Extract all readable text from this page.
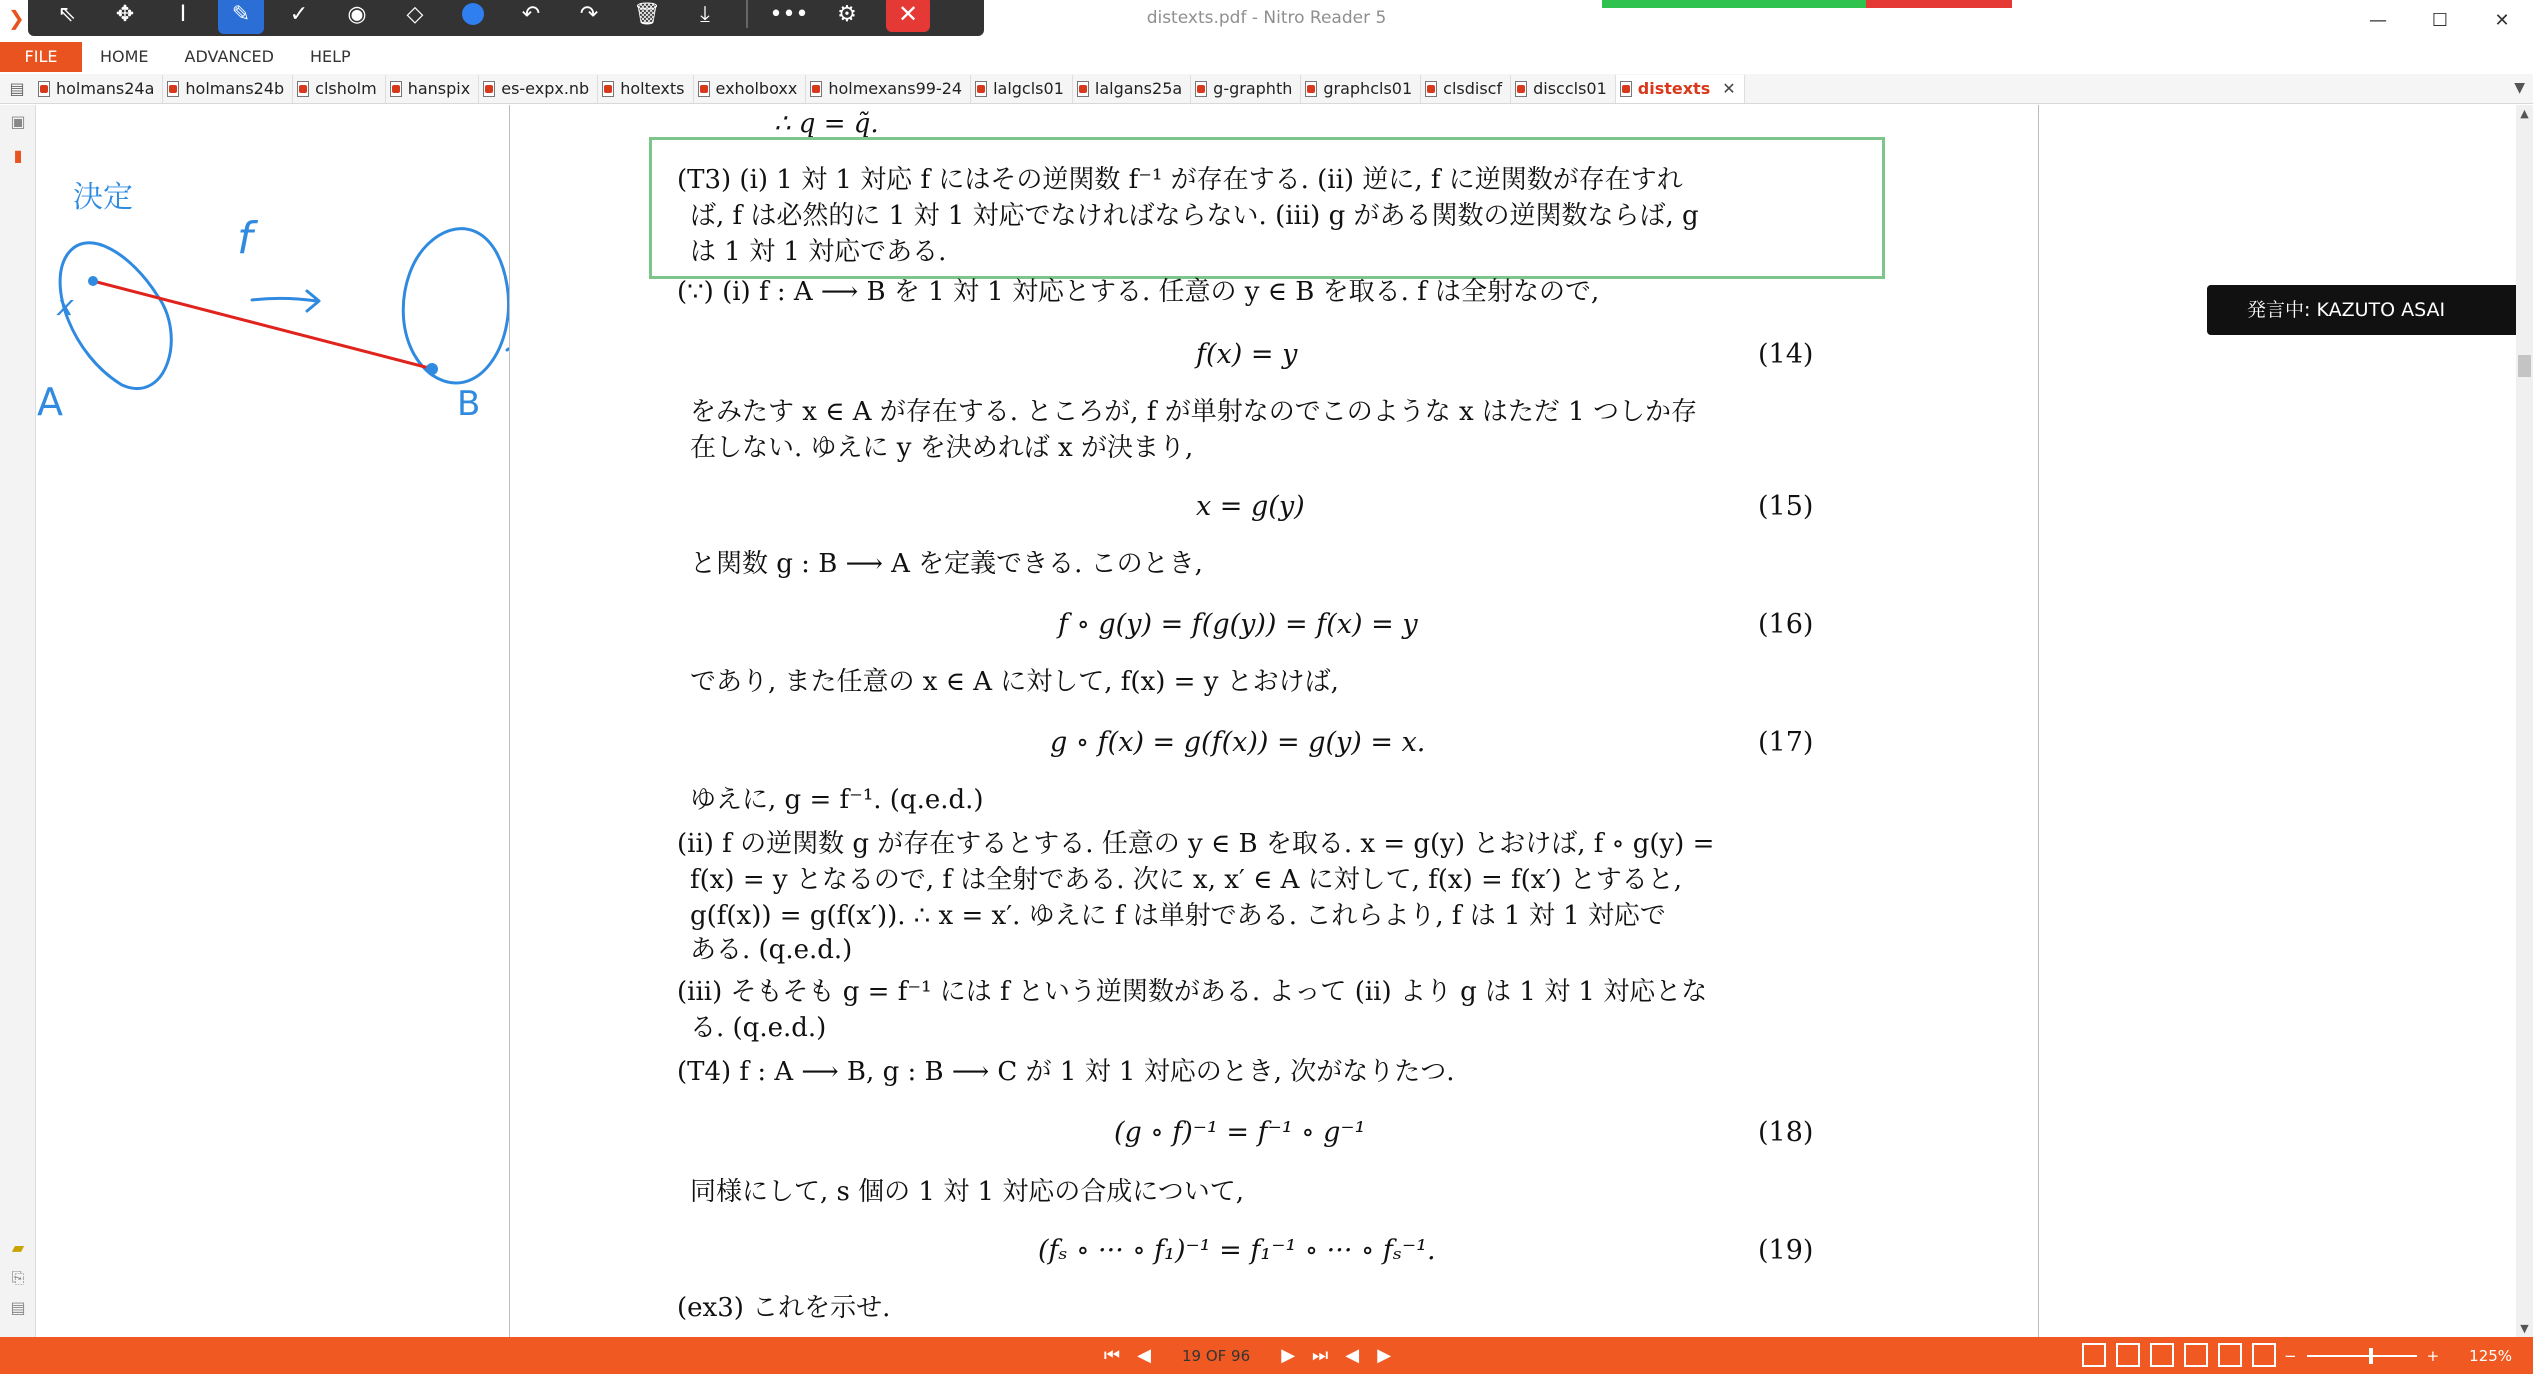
❯	distexts.pdf - Nitro Reader 5	—	☐	✕
⇖	✥	I	✎	✓	◉	◇	↶	↷	🗑	⤓	•••	⚙	✕
FILE	HOME	ADVANCED	HELP
▤	holmans24a holmans24b clsholm hanspix es-expx.nb holtexts exholboxx holmexans99-24 lalgcls01 lalgans25a g-graphth graphcls01 clsdiscf disccls01 distexts ✕	▼
▣
▮
▰
⎘
▤
決定
f
x
A	B
∴ q = q̃.
(T3) (i) 1 対 1 対応 f にはその逆関数 f⁻¹ が存在する. (ii) 逆に, f に逆関数が存在すれ
ば, f は必然的に 1 対 1 対応でなければならない. (iii) g がある関数の逆関数ならば, g
は 1 対 1 対応である.
(∵) (i) f : A ⟶ B を 1 対 1 対応とする. 任意の y ∈ B を取る. f は全射なので,
f(x) = y	(14)
をみたす x ∈ A が存在する. ところが, f が単射なのでこのような x はただ 1 つしか存
在しない. ゆえに y を決めれば x が決まり,
x = g(y)	(15)
と関数 g : B ⟶ A を定義できる. このとき,
f ∘ g(y) = f(g(y)) = f(x) = y	(16)
であり, また任意の x ∈ A に対して, f(x) = y とおけば,
g ∘ f(x) = g(f(x)) = g(y) = x.	(17)
ゆえに, g = f⁻¹. (q.e.d.)
(ii) f の逆関数 g が存在するとする. 任意の y ∈ B を取る. x = g(y) とおけば, f ∘ g(y) =
f(x) = y となるので, f は全射である. 次に x, x′ ∈ A に対して, f(x) = f(x′) とすると,
g(f(x)) = g(f(x′)). ∴ x = x′. ゆえに f は単射である. これらより, f は 1 対 1 対応で
ある. (q.e.d.)
(iii) そもそも g = f⁻¹ には f という逆関数がある. よって (ii) より g は 1 対 1 対応とな
る. (q.e.d.)
(T4) f : A ⟶ B, g : B ⟶ C が 1 対 1 対応のとき, 次がなりたつ.
(g ∘ f)⁻¹ = f⁻¹ ∘ g⁻¹	(18)
同様にして, s 個の 1 対 1 対応の合成について,
(fₛ ∘ ··· ∘ f₁)⁻¹ = f₁⁻¹ ∘ ··· ∘ fₛ⁻¹.	(19)
(ex3) これを示せ.
発言中: KAZUTO ASAI
▲
▼
⏮ ◀	19 OF 96	▶ ⏭ ◀ ▶	−	+ 125%
